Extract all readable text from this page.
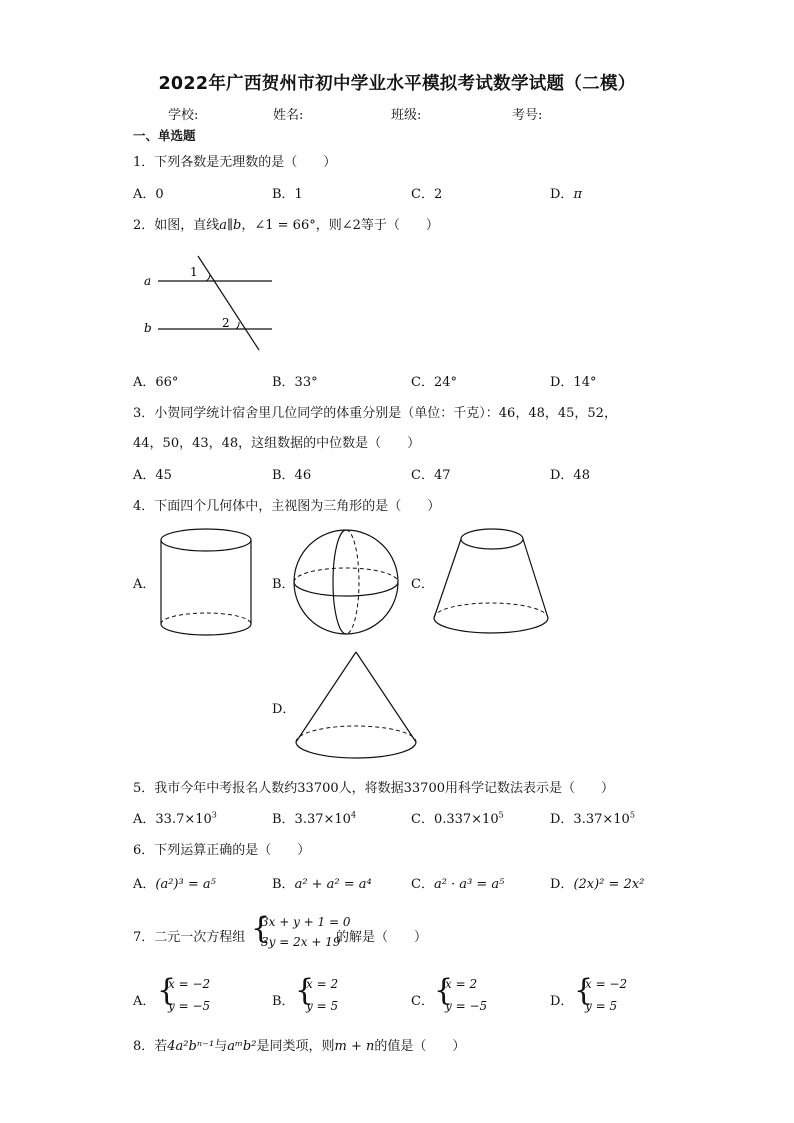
2022年广西贺州市初中学业水平模拟考试数学试题（二模）
学校:	姓名:	班级:	考号:
一、单选题
1．下列各数是无理数的是（　　）
A．0	B．1	C．2	D．π
2．如图，直线a∥b，∠1 = 66°，则∠2等于（　　）
a
b
1
2
A．66°	B．33°	C．24°	D．14°
3．小贺同学统计宿舍里几位同学的体重分别是（单位：千克）：46，48，45，52，
44，50，43，48，这组数据的中位数是（　　）
A．45	B．46	C．47	D．48
4．下面四个几何体中，主视图为三角形的是（　　）
A．	B．	C．
D．
5．我市今年中考报名人数约33700人，将数据33700用科学记数法表示是（　　）
A．$33.7\times 10^3$	B．$3.37\times 10^4$	C．$0.337\times 10^5$	D．$3.37\times 10^5$
6．下列运算正确的是（　　）
A．(a²)³ = a⁵	B．a² + a² = a⁴	C．a² · a³ = a⁵	D．(2x)² = 2x²
7．二元一次方程组 {
3x + y + 1 = 0
3y = 2x + 19
的解是（　　）
A． {
x = −2
y = −5	B． {
x = 2
y = 5	C． {
x = 2
y = −5	D． {
x = −2
y = 5
8．若4a²bⁿ⁻¹与aᵐb²是同类项，则m + n的值是（　　）
